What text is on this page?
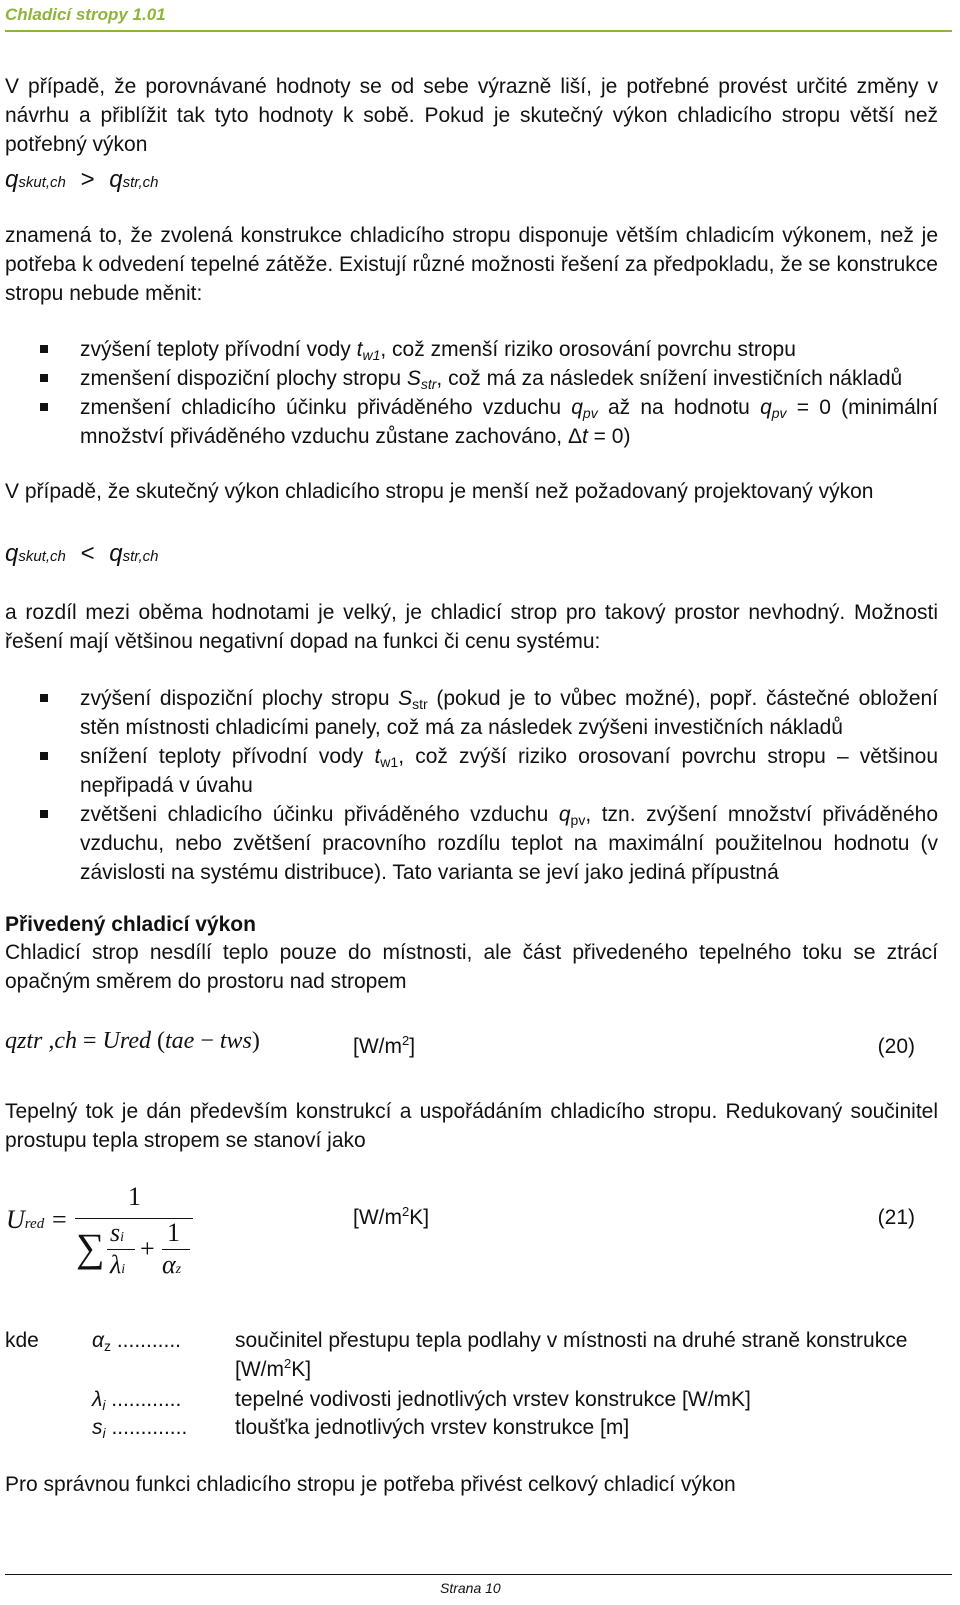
Chladicí stropy 1.01
V případě, že porovnávané hodnoty se od sebe výrazně liší, je potřebné provést určité změny v návrhu a přiblížit tak tyto hodnoty k sobě. Pokud je skutečný výkon chladicího stropu větší než potřebný výkon
qskut,ch > qstr,ch
znamená to, že zvolená konstrukce chladicího stropu disponuje větším chladicím výkonem, než je potřeba k odvedení tepelné zátěže. Existují různé možnosti řešení za předpokladu, že se konstrukce stropu nebude měnit:
zvýšení teploty přívodní vody tw1, což zmenší riziko orosování povrchu stropu
zmenšení dispoziční plochy stropu Sstr, což má za následek snížení investičních nákladů
zmenšení chladicího účinku přiváděného vzduchu qpv až na hodnotu qpv = 0 (minimální množství přiváděného vzduchu zůstane zachováno, Δt = 0)
V případě, že skutečný výkon chladicího stropu je menší než požadovaný projektovaný výkon
qskut,ch < qstr,ch
a rozdíl mezi oběma hodnotami je velký, je chladicí strop pro takový prostor nevhodný. Možnosti řešení mají většinou negativní dopad na funkci či cenu systému:
zvýšení dispoziční plochy stropu Sstr (pokud je to vůbec možné), popř. částečné obložení stěn místnosti chladicími panely, což má za následek zvýšeni investičních nákladů
snížení teploty přívodní vody tw1, což zvýší riziko orosovaní povrchu stropu – většinou nepřipadá v úvahu
zvětšeni chladicího účinku přiváděného vzduchu qpv, tzn. zvýšení množství přiváděného vzduchu, nebo zvětšení pracovního rozdílu teplot na maximální použitelnou hodnotu (v závislosti na systému distribuce). Tato varianta se jeví jako jediná přípustná
Přivedený chladicí výkon
Chladicí strop nesdílí teplo pouze do místnosti, ale část přivedeného tepelného toku se ztrácí opačným směrem do prostoru nad stropem
qztr ,ch = Ured (tae − tws)	$[W/m^2]$	(20)
Tepelný tok je dán především konstrukcí a uspořádáním chladicího stropu. Redukovaný součinitel prostupu tepla stropem se stanoví jako
Ured =
1
∑ si
λi
+
1
αz
$[W/m^2K]$	(21)
kde	αz ...........	součinitel přestupu tepla podlahy v místnosti na druhé straně konstrukce
$[W/m^2K]$
λi ............	tepelné vodivosti jednotlivých vrstev konstrukce [W/mK]
si ............. tloušťka jednotlivých vrstev konstrukce [m]
Pro správnou funkci chladicího stropu je potřeba přivést celkový chladicí výkon
Strana 10
